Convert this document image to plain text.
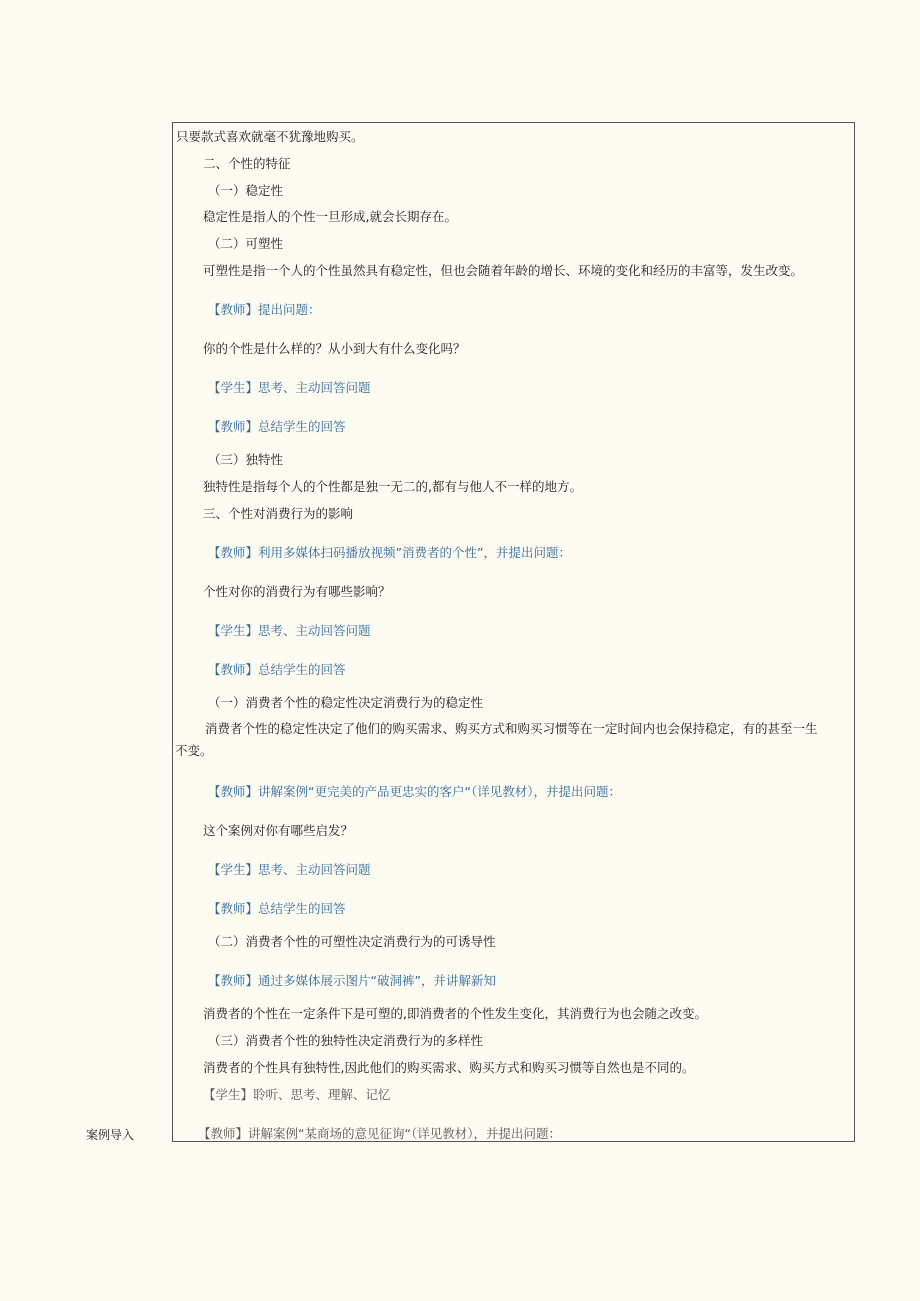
案例导入
只要款式喜欢就毫不犹豫地购买。
二、个性的特征
（一）稳定性
稳定性是指人的个性一旦形成,就会长期存在。
（二）可塑性
可塑性是指一个人的个性虽然具有稳定性，但也会随着年龄的增长、环境的变化和经历的丰富等，发生改变。
【教师】提出问题：
你的个性是什么样的？从小到大有什么变化吗？
【学生】思考、主动回答问题
【教师】总结学生的回答
（三）独特性
独特性是指每个人的个性都是独一无二的,都有与他人不一样的地方。
三、个性对消费行为的影响
【教师】利用多媒体扫码播放视频”消费者的个性”，并提出问题：
个性对你的消费行为有哪些影响？
【学生】思考、主动回答问题
【教师】总结学生的回答
（一）消费者个性的稳定性决定消费行为的稳定性
消费者个性的稳定性决定了他们的购买需求、购买方式和购买习惯等在一定时间内也会保持稳定，有的甚至一生不变。
【教师】讲解案例“更完美的产品更忠实的客户“（详见教材），并提出问题：
这个案例对你有哪些启发？
【学生】思考、主动回答问题
【教师】总结学生的回答
（二）消费者个性的可塑性决定消费行为的可诱导性
【教师】通过多媒体展示图片“破洞裤”，并讲解新知
消费者的个性在一定条件下是可塑的,即消费者的个性发生变化，其消费行为也会随之改变。
（三）消费者个性的独特性决定消费行为的多样性
消费者的个性具有独特性,因此他们的购买需求、购买方式和购买习惯等自然也是不同的。
【学生】聆听、思考、理解、记忆
【教师】讲解案例“某商场的意见征询“（详见教材），并提出问题：
